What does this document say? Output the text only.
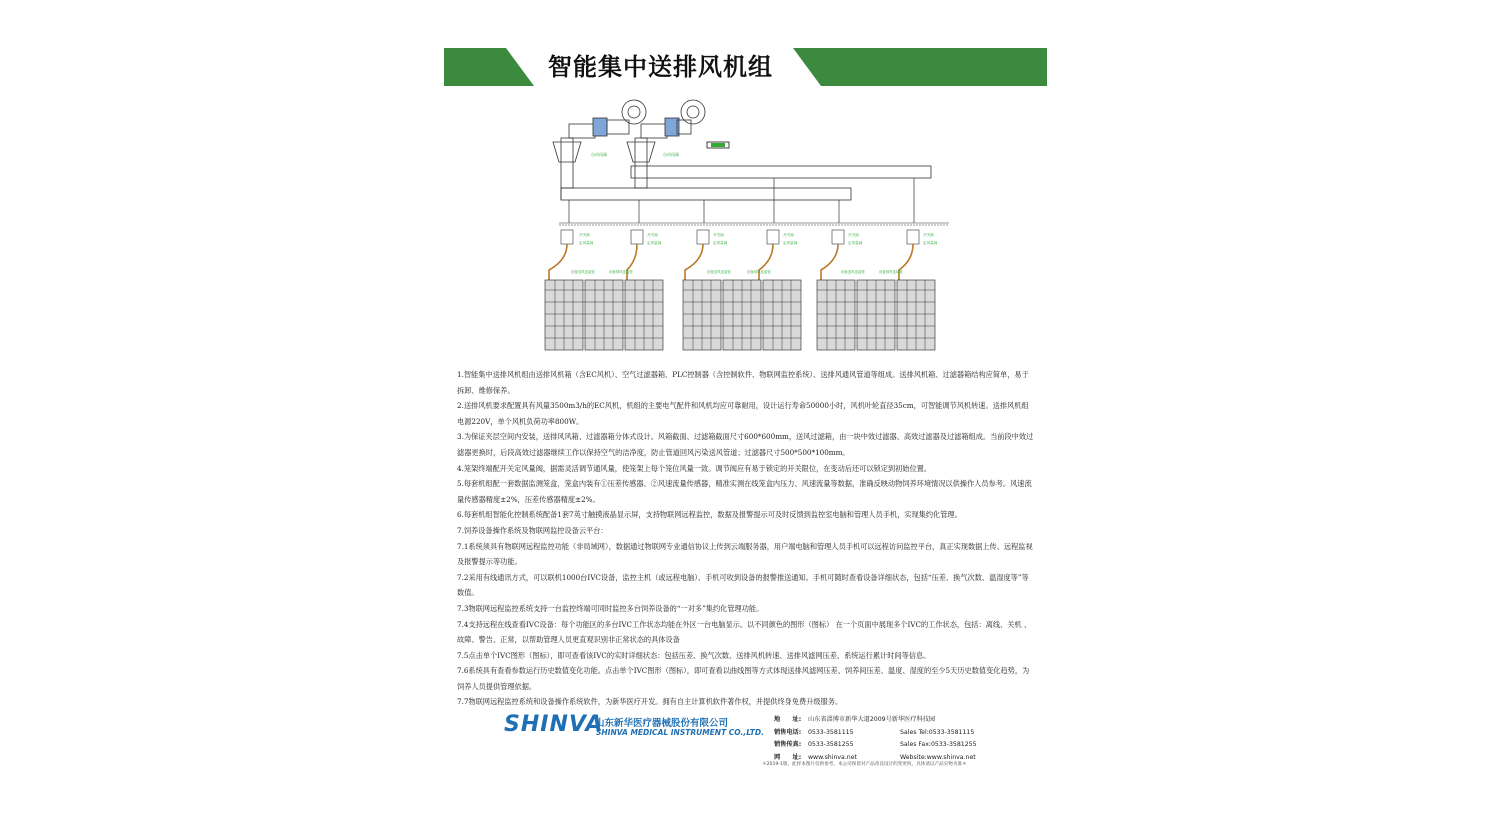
智能集中送排风机组
自动风阀	自动风阀
开关阀
定风量阀
开关阀
定风量阀
开关阀
定风量阀
开关阀
定风量阀
开关阀
定风量阀
开关阀
定风量阀
设备送风连接管	设备排风连接管	设备送风连接管	设备排风连接管	设备送风连接管	设备排风连接管

1.智能集中送排风机组由送排风机箱（含EC风机）、空气过滤器箱、PLC控制器（含控制软件、物联网监控系统）、送排风通风管道等组成。送排风机箱、过滤器箱结构应简单，易于拆卸、维修保养。

2.送排风机要求配置具有风量3500m3/h的EC风机，机组的主要电气配件和风机均应可靠耐用，设计运行寿命50000小时，风机叶轮直径35cm，可智能调节风机转速。送排风机组电源220V，单个风机负荷功率800W。

3.为保证夹层空间内安装，送排风风箱、过滤器箱分体式设计。风箱截面、过滤箱截面尺寸600*600mm，送风过滤箱，由一块中效过滤器、高效过滤器及过滤箱组成。当前段中效过滤器更换时，后段高效过滤器继续工作以保持空气的洁净度，防止管道回风污染送风管道；过滤器尺寸500*500*100mm。

4.笼架终端配开关定风量阀，据需灵活调节通风量，使笼架上每个笼位风量一致。调节阀应有易于锁定的开关限位，在变动后还可以锁定到初始位置。

5.每套机组配一套数据监测笼盒，笼盒内装有①压差传感器、②风速流量传感器，精准实测在线笼盒内压力、风速流量等数据，准确反映动物饲养环境情况以供操作人员参考。风速流量传感器精度±2%，压差传感器精度±2%。

6.每套机组智能化控制系统配备1套7英寸触摸液晶显示屏，支持物联网远程监控，数据及报警提示可及时反馈到监控室电脑和管理人员手机，实现集约化管理。

7.饲养设备操作系统及物联网监控设备云平台：

7.1系统须具有物联网远程监控功能（非局域网），数据通过物联网专业通信协议上传到云端服务器，用户端电脑和管理人员手机可以远程访问监控平台，真正实现数据上传、远程监视及报警提示等功能。

7.2采用有线通讯方式，可以联机1000台IVC设备，监控主机（或远程电脑）、手机可收到设备的报警推送通知。手机可随时查看设备详细状态，包括“压差、换气次数、温湿度等”等数值。

7.3物联网远程监控系统支持一台监控终端可同时监控多台饲养设备的“一对多”集约化管理功能。

7.4支持远程在线查看IVC设备：每个功能区的多台IVC工作状态均能在外区一台电脑显示。以不同颜色的图形（图标） 在一个页面中展现多个IVC的工作状态，包括：离线、关机 、故障、警告、正常，以帮助管理人员更直观识别非正常状态的具体设备

7.5点击单个IVC图形（图标），即可查看该IVC的实时详细状态：包括压差、换气次数、送排风机转速、送排风滤网压差、系统运行累计时间等信息。

7.6系统具有查看参数运行历史数值变化功能。点击单个IVC图形（图标），即可查看以曲线图等方式体现送排风滤网压差、饲养间压差、温度、湿度的至少5天历史数值变化趋势，为饲养人员提供管理依据。

7.7物联网远程监控系统和设备操作系统软件，为新华医疗开发。拥有自主计算机软件著作权，并提供终身免费升级服务。

SHINVA
山东新华医疗器械股份有限公司
SHINVA MEDICAL INSTRUMENT CO.,LTD.
地　　址: 山东省淄博市新华大道2009号新华医疗科技园
销售电话: 0533-3581115	Sales Tel:0533-3581115
销售传真: 0533-3581255	Sales Fax:0533-3581255
网　　址: www.shinva.net	Website:www.shinva.net
＊2019-1版，此样本图片仅供参考，本公司保留对产品改良设计的变更权，具体请以产品实物为准＊
